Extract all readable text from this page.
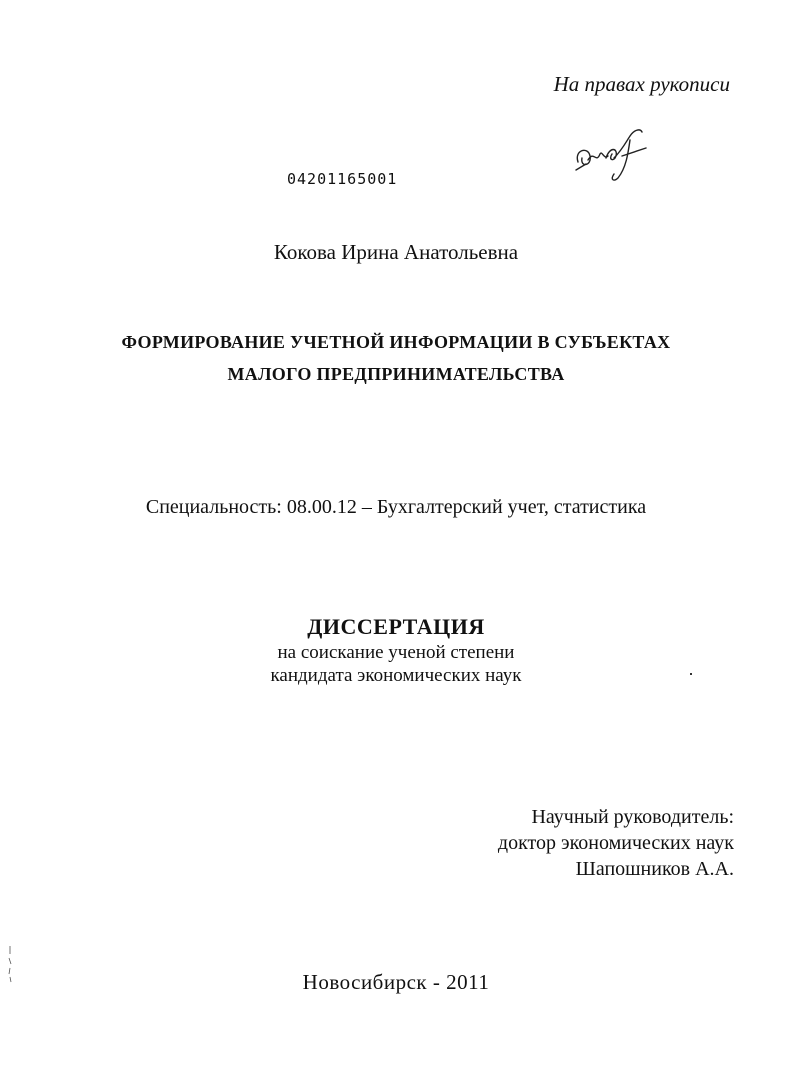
На правах рукописи
04201165001
Кокова Ирина Анатольевна
ФОРМИРОВАНИЕ УЧЕТНОЙ ИНФОРМАЦИИ В СУБЪЕКТАХ
МАЛОГО ПРЕДПРИНИМАТЕЛЬСТВА
Специальность: 08.00.12 – Бухгалтерский учет, статистика
ДИССЕРТАЦИЯ
на соискание ученой степени
кандидата экономических наук
Научный руководитель:
доктор экономических наук
Шапошников А.А.
Новосибирск - 2011
